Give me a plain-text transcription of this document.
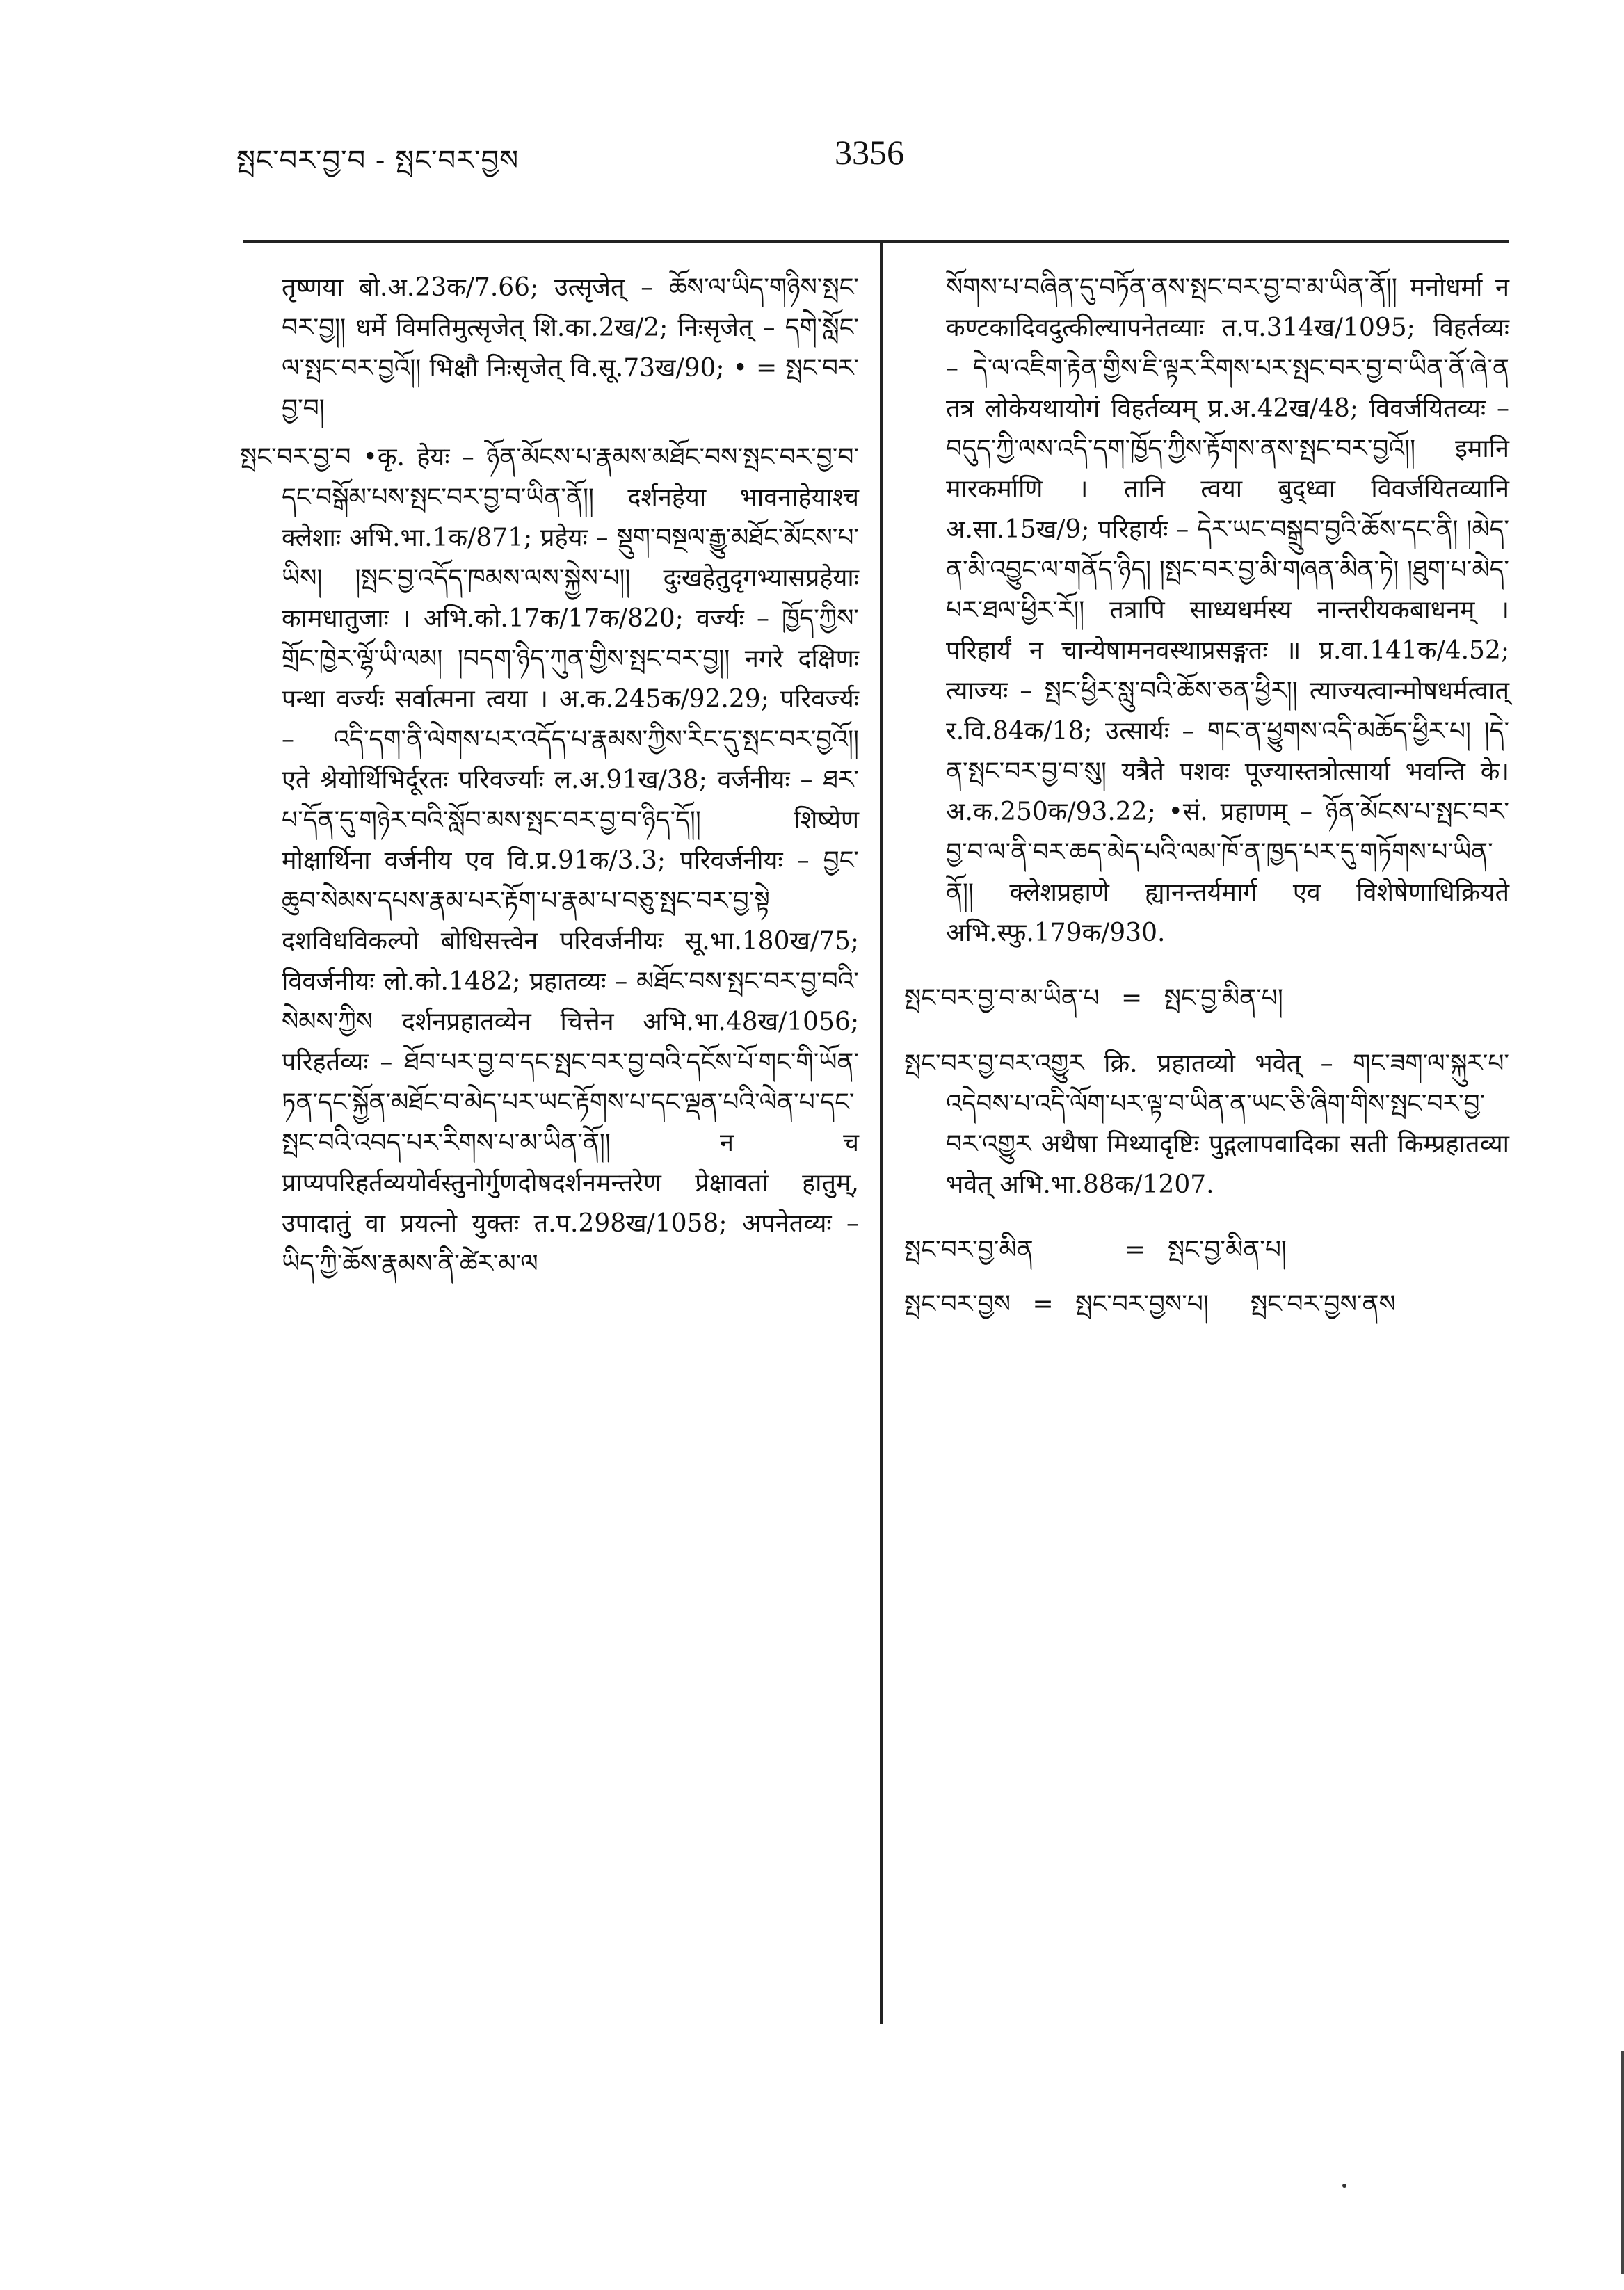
སྤང་བར་བྱ་བ - སྤང་བར་བྱས	3356

तृष्णया बो.अ.23क/7.66; उत्सृजेत् – ཆོས་ལ་ཡིད་གཉིས་སྤང་བར་བྱ།། धर्मे विमतिमुत्सृजेत् शि.का.2ख/2; निःसृजेत् – དགེ་སློང་ལ་སྤང་བར་བྱའོ།། भिक्षौ निःसृजेत् वि.सू.73ख/90; • = སྤང་བར་བྱ་བ།

སྤང་བར་བྱ་བ •कृ. हेयः – ཉོན་མོངས་པ་རྣམས་མཐོང་བས་སྤང་བར་བྱ་བ་དང་བསྒོམ་པས་སྤང་བར་བྱ་བ་ཡིན་ནོ།། दर्शनहेया भावनाहेयाश्च क्लेशाः अभि.भा.1क/871; प्रहेयः – སྡུག་བསྔལ་རྒྱུ་མཐོང་མོངས་པ་ཡིས། །སྤང་བྱ་འདོད་ཁམས་ལས་སྐྱེས་པ།། दुःखहेतुदृगभ्यासप्रहेयाः कामधातुजाः । अभि.को.17क/17क/820; वर्ज्यः – ཁྱོད་ཀྱིས་གྲོང་ཁྱེར་ལྷོ་ཡི་ལམ། །བདག་ཉིད་ཀུན་གྱིས་སྤང་བར་བྱ།། नगरे दक्षिणः पन्था वर्ज्यः सर्वात्मना त्वया । अ.क.245क/92.29; परिवर्ज्यः – འདི་དག་ནི་ལེགས་པར་འདོད་པ་རྣམས་ཀྱིས་རིང་དུ་སྤང་བར་བྱའོ།། एते श्रेयोर्थिभिर्दूरतः परिवर्ज्याः ल.अ.91ख/38; वर्जनीयः – ཐར་པ་དོན་དུ་གཉེར་བའི་སློབ་མས་སྤང་བར་བྱ་བ་ཉིད་དོ།། शिष्येण मोक्षार्थिना वर्जनीय एव वि.प्र.91क/3.3; परिवर्जनीयः – བྱང་ཆུབ་སེམས་དཔས་རྣམ་པར་རྟོག་པ་རྣམ་པ་བཅུ་སྤང་བར་བྱ་སྟེ दशविधविकल्पो बोधिसत्त्वेन परिवर्जनीयः सू.भा.180ख/75; विवर्जनीयः लो.को.1482; प्रहातव्यः – མཐོང་བས་སྤང་བར་བྱ་བའི་སེམས་ཀྱིས दर्शनप्रहातव्येन चित्तेन अभि.भा.48ख/1056; परिहर्तव्यः – ཐོབ་པར་བྱ་བ་དང་སྤང་བར་བྱ་བའི་དངོས་པོ་གང་གི་ཡོན་ཏན་དང་སྐྱོན་མཐོང་བ་མེད་པར་ཡང་རྟོགས་པ་དང་ལྡན་པའི་ལེན་པ་དང་སྤང་བའི་འབད་པར་རིགས་པ་མ་ཡིན་ནོ།། न च प्राप्यपरिहर्तव्ययोर्वस्तुनोर्गुणदोषदर्शनमन्तरेण प्रेक्षावतां हातुम्, उपादातुं वा प्रयत्नो युक्तः त.प.298ख/1058; अपनेतव्यः – ཡིད་ཀྱི་ཆོས་རྣམས་ནི་ཚེར་མ་ལ

སོགས་པ་བཞིན་དུ་བཏོན་ནས་སྤང་བར་བྱ་བ་མ་ཡིན་ནོ།། मनोधर्मा न कण्टकादिवदुत्कील्यापनेतव्याः त.प.314ख/1095; विहर्तव्यः – དེ་ལ་འཇིག་རྟེན་གྱིས་ཇི་ལྟར་རིགས་པར་སྤང་བར་བྱ་བ་ཡིན་ནོ་ཞེ་ན तत्र लोकेयथायोगं विहर्तव्यम् प्र.अ.42ख/48; विवर्जयितव्यः – བདུད་ཀྱི་ལས་འདི་དག་ཁྱོད་ཀྱིས་རྟོགས་ནས་སྤང་བར་བྱའོ།། इमानि मारकर्माणि । तानि त्वया बुद्ध्वा विवर्जयितव्यानि अ.सा.15ख/9; परिहार्यः – དེར་ཡང་བསྒྲུབ་བྱའི་ཆོས་དང་ནི། །མེད་ན་མི་འབྱུང་ལ་གནོད་ཉིད། །སྤང་བར་བྱ་མི་གཞན་མིན་ཏེ། །ཐུག་པ་མེད་པར་ཐལ་ཕྱིར་རོ།། तत्रापि साध्यधर्मस्य नान्तरीयकबाधनम् । परिहार्यं न चान्येषामनवस्थाप्रसङ्गतः ॥ प्र.वा.141क/4.52; त्याज्यः – སྤང་ཕྱིར་སླུ་བའི་ཆོས་ཅན་ཕྱིར།། त्याज्यत्वान्मोषधर्मत्वात् र.वि.84क/18; उत्सार्यः – གང་ན་ཕྱུགས་འདི་མཆོད་ཕྱིར་པ། །དེ་ན་སྤང་བར་བྱ་བ་སུ། यत्रैते पशवः पूज्यास्तत्रोत्सार्या भवन्ति के। अ.क.250क/93.22; •सं. प्रहाणम् – ཉོན་མོངས་པ་སྤང་བར་བྱ་བ་ལ་ནི་བར་ཆད་མེད་པའི་ལམ་ཁོ་ན་ཁྱད་པར་དུ་གཏོགས་པ་ཡིན་ནོ།། क्लेशप्रहाणे ह्यानन्तर्यमार्ग एव विशेषेणाधिक्रियते अभि.स्फु.179क/930.

སྤང་བར་བྱ་བ་མ་ཡིན་པ = སྤང་བྱ་མིན་པ།

སྤང་བར་བྱ་བར་འགྱུར क्रि. प्रहातव्यो भवेत् – གང་ཟག་ལ་སྐུར་པ་འདེབས་པ་འདི་ལོག་པར་ལྟ་བ་ཡིན་ན་ཡང་ཅི་ཞིག་གིས་སྤང་བར་བྱ་བར་འགྱུར अथैषा मिथ्यादृष्टिः पुद्गलापवादिका सती किम्प्रहातव्या भवेत् अभि.भा.88क/1207.

སྤང་བར་བྱ་མིན	= སྤང་བྱ་མིན་པ།
སྤང་བར་བྱས = སྤང་བར་བྱས་པ། སྤང་བར་བྱས་ནས
